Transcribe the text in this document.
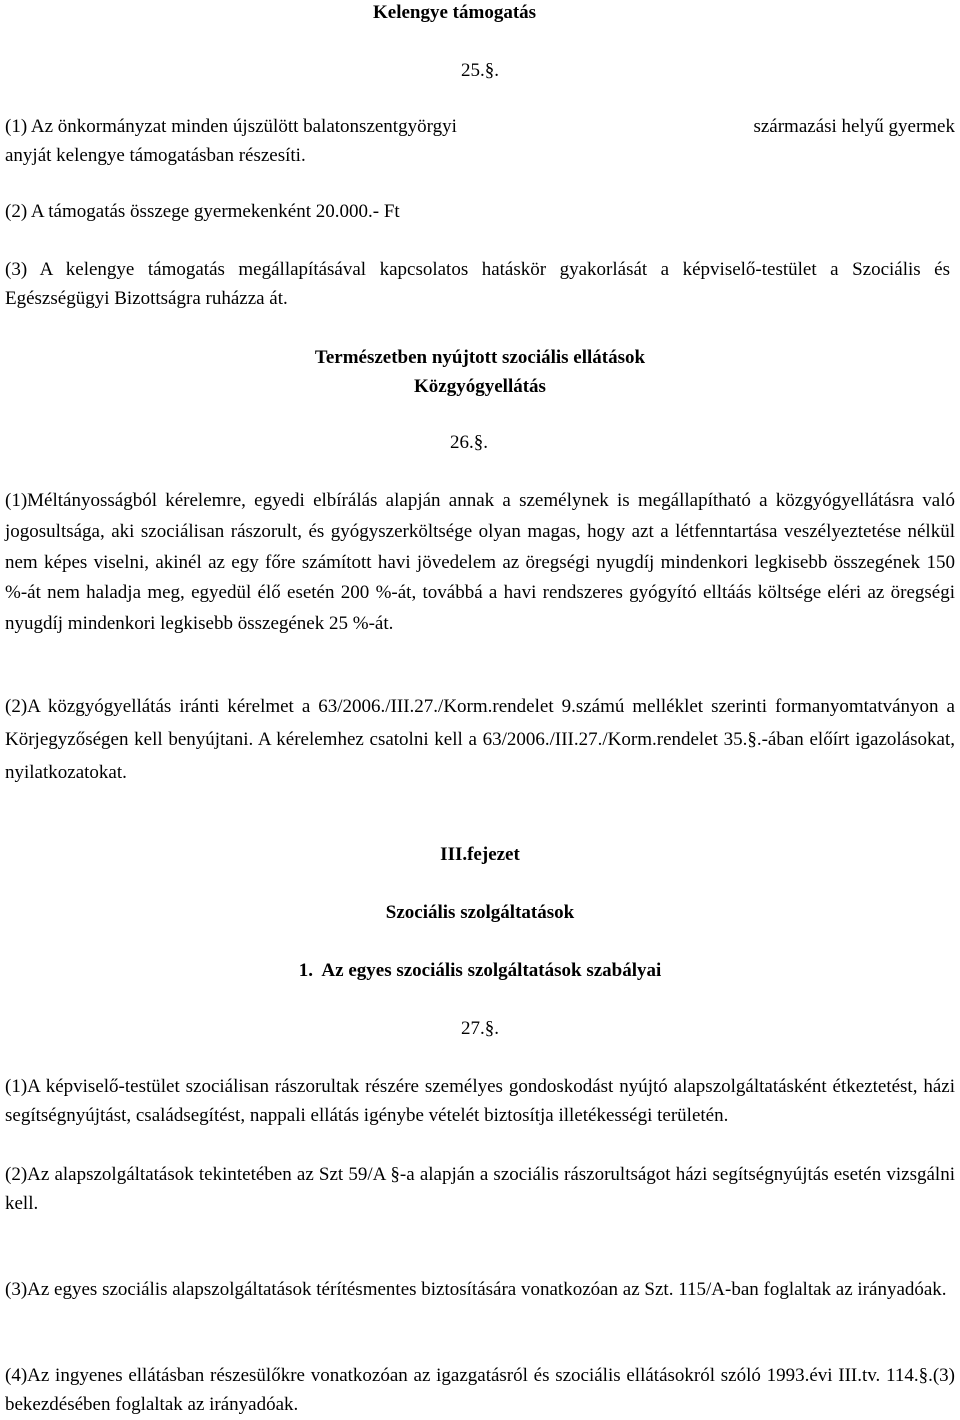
Kelengye támogatás
25.§.
(1) Az önkormányzat minden újszülött balatonszentgyörgyi	származási helyű gyermek
anyját kelengye támogatásban részesíti.
(2) A támogatás összege gyermekenként 20.000.- Ft
(3) A kelengye támogatás megállapításával kapcsolatos hatáskör gyakorlását a képviselő-testület a Szociális és Egészségügyi Bizottságra ruházza át.
Természetben nyújtott szociális ellátások
Közgyógyellátás
26.§.
(1)Méltányosságból kérelemre, egyedi elbírálás alapján annak a személynek is megállapítható a közgyógyellátásra való jogosultsága, aki szociálisan rászorult, és gyógyszerköltsége olyan magas, hogy azt a létfenntartása veszélyeztetése nélkül nem képes viselni, akinél az egy főre számított havi jövedelem az öregségi nyugdíj mindenkori legkisebb összegének 150 %-át nem haladja meg, egyedül élő esetén 200 %-át, továbbá a havi rendszeres gyógyító elltáás költsége eléri az öregségi nyugdíj mindenkori legkisebb összegének 25 %-át.
(2)A közgyógyellátás iránti kérelmet a 63/2006./III.27./Korm.rendelet 9.számú melléklet szerinti formanyomtatványon a Körjegyzőségen kell benyújtani. A kérelemhez csatolni kell a 63/2006./III.27./Korm.rendelet 35.§.-ában előírt igazolásokat, nyilatkozatokat.
III.fejezet
Szociális szolgáltatások
1.  Az egyes szociális szolgáltatások szabályai
27.§.
(1)A képviselő-testület szociálisan rászorultak részére személyes gondoskodást nyújtó alapszolgáltatásként étkeztetést, házi segítségnyújtást, családsegítést, nappali ellátás igénybe vételét biztosítja illetékességi területén.
(2)Az alapszolgáltatások tekintetében az Szt 59/A §-a alapján a szociális rászorultságot házi segítségnyújtás esetén vizsgálni kell.
(3)Az egyes szociális alapszolgáltatások térítésmentes biztosítására vonatkozóan az Szt. 115/A-ban foglaltak az irányadóak.
(4)Az ingyenes ellátásban részesülőkre vonatkozóan az igazgatásról és szociális ellátásokról szóló 1993.évi III.tv. 114.§.(3) bekezdésében foglaltak az irányadóak.
